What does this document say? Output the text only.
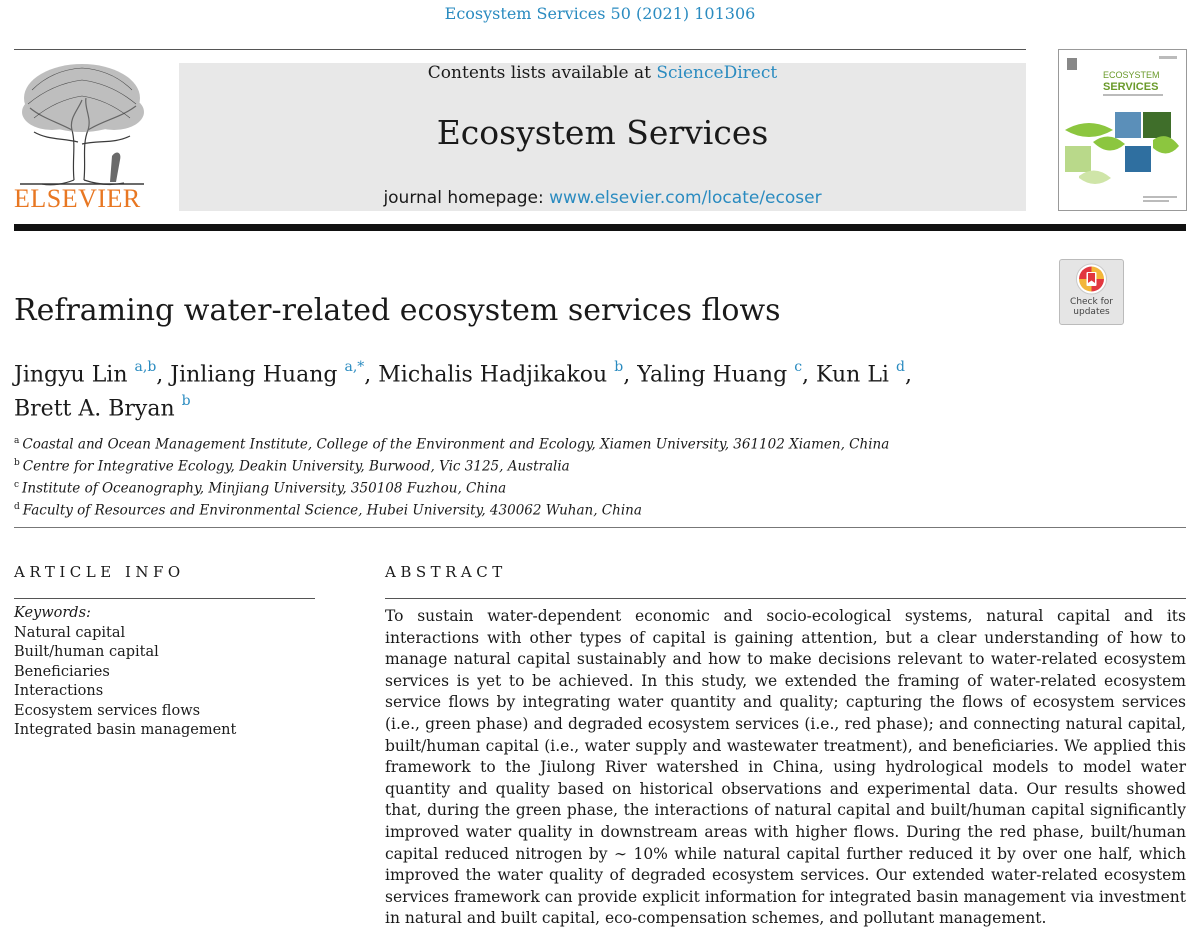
Ecosystem Services 50 (2021) 101306
ELSEVIER
Contents lists available at ScienceDirect
Ecosystem Services
journal homepage: www.elsevier.com/locate/ecoser
ECOSYSTEM
SERVICES
Check for
updates
Reframing water-related ecosystem services flows
Jingyu Lin $^{a,b}$, Jinliang Huang $^{a,*}$, Michalis Hadjikakou $^b$, Yaling Huang $^c$, Kun Li $^d$,
Brett A. Bryan $^b$
$^a$ Coastal and Ocean Management Institute, College of the Environment and Ecology, Xiamen University, 361102 Xiamen, China
$^b$ Centre for Integrative Ecology, Deakin University, Burwood, Vic 3125, Australia
$^c$ Institute of Oceanography, Minjiang University, 350108 Fuzhou, China
$^d$ Faculty of Resources and Environmental Science, Hubei University, 430062 Wuhan, China
ARTICLE INFO	ABSTRACT
Keywords:
Natural capital
Built/human capital
Beneficiaries
Interactions
Ecosystem services flows
Integrated basin management
To sustain water-dependent economic and socio-ecological systems, natural capital and its interactions with other types of capital is gaining attention, but a clear understanding of how to manage natural capital sustainably and how to make decisions relevant to water-related ecosystem services is yet to be achieved. In this study, we extended the framing of water-related ecosystem service flows by integrating water quantity and quality; capturing the flows of ecosystem services (i.e., green phase) and degraded ecosystem services (i.e., red phase); and connecting natural capital, built/human capital (i.e., water supply and wastewater treatment), and beneficiaries. We applied this framework to the Jiulong River watershed in China, using hydrological models to model water quantity and quality based on historical observations and experimental data. Our results showed that, during the green phase, the interactions of natural capital and built/human capital significantly improved water quality in downstream areas with higher flows. During the red phase, built/human capital reduced nitrogen by ∼ 10% while natural capital further reduced it by over one half, which improved the water quality of degraded ecosystem services. Our extended water-related ecosystem services framework can provide explicit information for integrated basin management via investment in natural and built capital, eco-compensation schemes, and pollutant management.
